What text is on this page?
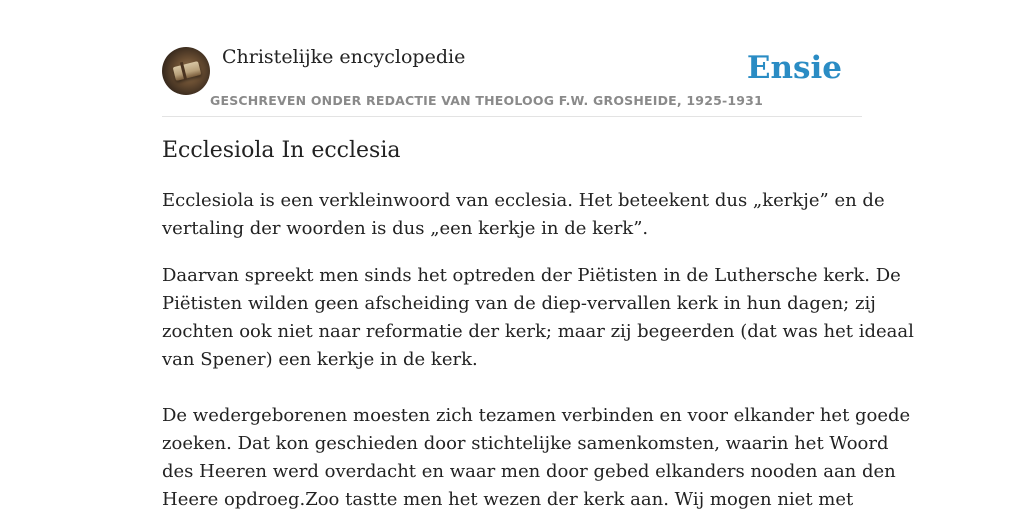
Christelijke encyclopedie
GESCHREVEN ONDER REDACTIE VAN THEOLOOG F.W. GROSHEIDE, 1925-1931
Ensie
Ecclesiola In ecclesia

Ecclesiola is een verkleinwoord van ecclesia. Het beteekent dus „kerkje” en de
vertaling der woorden is dus „een kerkje in de kerk”.

Daarvan spreekt men sinds het optreden der Piëtisten in de Luthersche kerk. De
Piëtisten wilden geen afscheiding van de diep-vervallen kerk in hun dagen; zij
zochten ook niet naar reformatie der kerk; maar zij begeerden (dat was het ideaal
van Spener) een kerkje in de kerk.

De wedergeborenen moesten zich tezamen verbinden en voor elkander het goede
zoeken. Dat kon geschieden door stichtelijke samenkomsten, waarin het Woord
des Heeren werd overdacht en waar men door gebed elkanders nooden aan den
Heere opdroeg.Zoo tastte men het wezen der kerk aan. Wij mogen niet met
